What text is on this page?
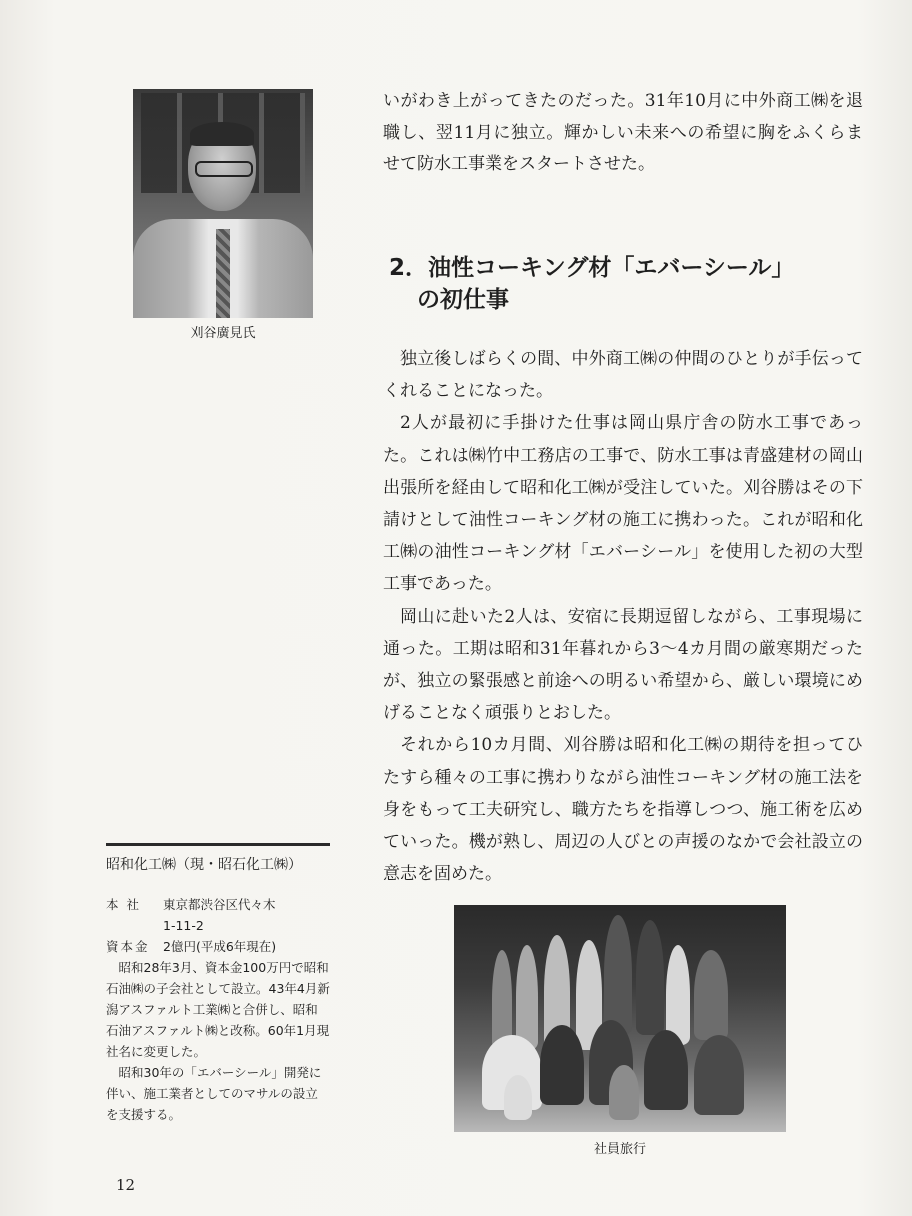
刈谷廣見氏
昭和化工㈱（現・昭石化工㈱）
本 社	東京都渋谷区代々木
1-11-2
資本金	2億円(平成6年現在)

昭和28年3月、資本金100万円で昭和石油㈱の子会社として設立。43年4月新潟アスファルト工業㈱と合併し、昭和石油アスファルト㈱と改称。60年1月現社名に変更した。

昭和30年の「エバーシール」開発に伴い、施工業者としてのマサルの設立を支援する。

12

いがわき上がってきたのだった。31年10月に中外商工㈱を退職し、翌11月に独立。輝かしい未来への希望に胸をふくらませて防水工事業をスタートさせた。

2．油性コーキング材「エバーシール」
の初仕事

独立後しばらくの間、中外商工㈱の仲間のひとりが手伝ってくれることになった。

2人が最初に手掛けた仕事は岡山県庁舎の防水工事であった。これは㈱竹中工務店の工事で、防水工事は青盛建材の岡山出張所を経由して昭和化工㈱が受注していた。刈谷勝はその下請けとして油性コーキング材の施工に携わった。これが昭和化工㈱の油性コーキング材「エバーシール」を使用した初の大型工事であった。

岡山に赴いた2人は、安宿に長期逗留しながら、工事現場に通った。工期は昭和31年暮れから3～4カ月間の厳寒期だったが、独立の緊張感と前途への明るい希望から、厳しい環境にめげることなく頑張りとおした。

それから10カ月間、刈谷勝は昭和化工㈱の期待を担ってひたすら種々の工事に携わりながら油性コーキング材の施工法を身をもって工夫研究し、職方たちを指導しつつ、施工術を広めていった。機が熟し、周辺の人びとの声援のなかで会社設立の意志を固めた。

社員旅行
